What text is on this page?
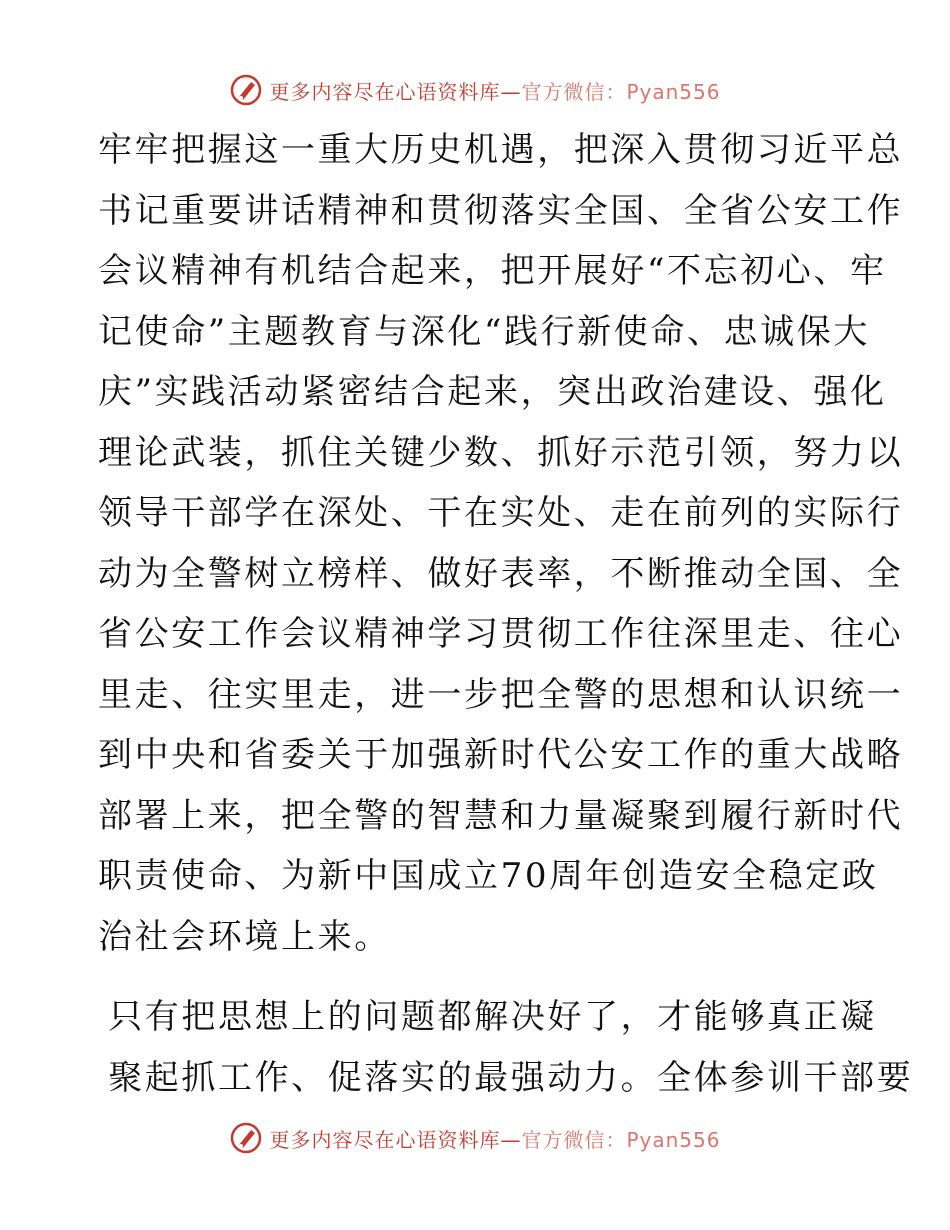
更多内容尽在心语资料库—官方微信：Pyan556

牢牢把握这一重大历史机遇，把深入贯彻习近平总
书记重要讲话精神和贯彻落实全国、全省公安工作
会议精神有机结合起来，把开展好“不忘初心、牢
记使命”主题教育与深化“践行新使命、忠诚保大
庆”实践活动紧密结合起来，突出政治建设、强化
理论武装，抓住关键少数、抓好示范引领，努力以
领导干部学在深处、干在实处、走在前列的实际行
动为全警树立榜样、做好表率，不断推动全国、全
省公安工作会议精神学习贯彻工作往深里走、往心
里走、往实里走，进一步把全警的思想和认识统一
到中央和省委关于加强新时代公安工作的重大战略
部署上来，把全警的智慧和力量凝聚到履行新时代
职责使命、为新中国成立70周年创造安全稳定政
治社会环境上来。

只有把思想上的问题都解决好了，才能够真正凝
聚起抓工作、促落实的最强动力。全体参训干部要

更多内容尽在心语资料库—官方微信：Pyan556
